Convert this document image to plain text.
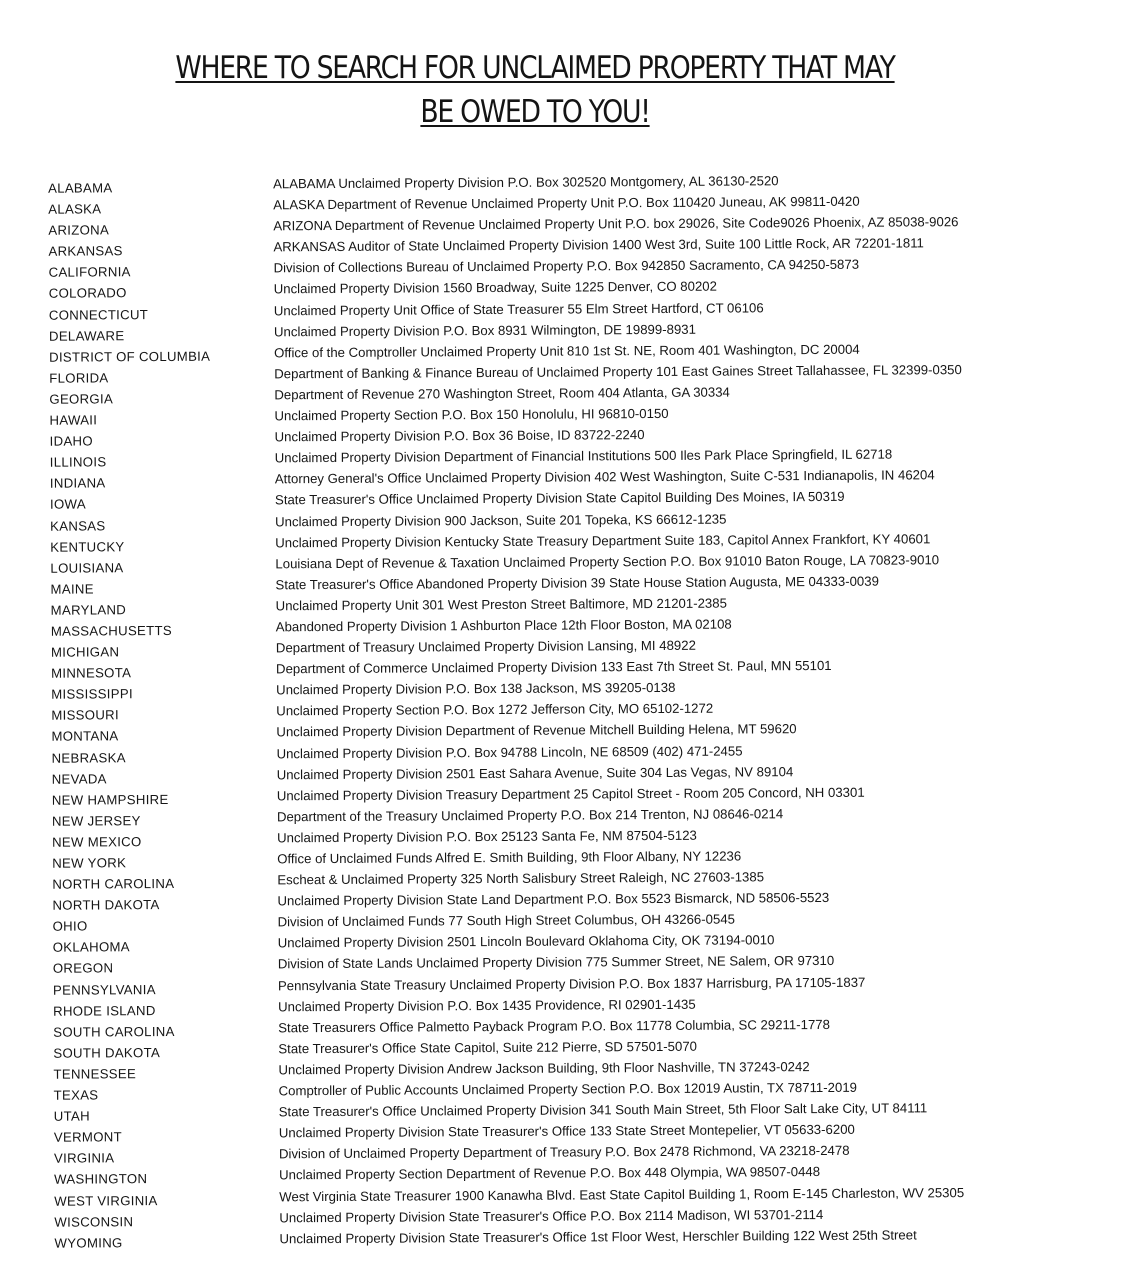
WHERE TO SEARCH FOR UNCLAIMED PROPERTY THAT MAY
BE OWED TO YOU!
ALABAMA	ALABAMA Unclaimed Property Division P.O. Box 302520 Montgomery, AL 36130-2520
ALASKA	ALASKA Department of Revenue Unclaimed Property Unit P.O. Box 110420 Juneau, AK 99811-0420
ARIZONA	ARIZONA Department of Revenue Unclaimed Property Unit P.O. box 29026, Site Code9026 Phoenix, AZ 85038-9026
ARKANSAS	ARKANSAS Auditor of State Unclaimed Property Division 1400 West 3rd, Suite 100 Little Rock, AR 72201-1811
CALIFORNIA	Division of Collections Bureau of Unclaimed Property P.O. Box 942850 Sacramento, CA 94250-5873
COLORADO	Unclaimed Property Division 1560 Broadway, Suite 1225 Denver, CO 80202
CONNECTICUT	Unclaimed Property Unit Office of State Treasurer 55 Elm Street Hartford, CT 06106
DELAWARE	Unclaimed Property Division P.O. Box 8931 Wilmington, DE 19899-8931
DISTRICT OF COLUMBIA	Office of the Comptroller Unclaimed Property Unit 810 1st St. NE, Room 401 Washington, DC 20004
FLORIDA	Department of Banking & Finance Bureau of Unclaimed Property 101 East Gaines Street Tallahassee, FL 32399-0350
GEORGIA	Department of Revenue 270 Washington Street, Room 404 Atlanta, GA 30334
HAWAII	Unclaimed Property Section P.O. Box 150 Honolulu, HI 96810-0150
IDAHO	Unclaimed Property Division P.O. Box 36 Boise, ID 83722-2240
ILLINOIS	Unclaimed Property Division Department of Financial Institutions 500 Iles Park Place Springfield, IL 62718
INDIANA	Attorney General's Office Unclaimed Property Division 402 West Washington, Suite C-531 Indianapolis, IN 46204
IOWA	State Treasurer's Office Unclaimed Property Division State Capitol Building Des Moines, IA 50319
KANSAS	Unclaimed Property Division 900 Jackson, Suite 201 Topeka, KS 66612-1235
KENTUCKY	Unclaimed Property Division Kentucky State Treasury Department Suite 183, Capitol Annex Frankfort, KY 40601
LOUISIANA	Louisiana Dept of Revenue & Taxation Unclaimed Property Section P.O. Box 91010 Baton Rouge, LA 70823-9010
MAINE	State Treasurer's Office Abandoned Property Division 39 State House Station Augusta, ME 04333-0039
MARYLAND	Unclaimed Property Unit 301 West Preston Street Baltimore, MD 21201-2385
MASSACHUSETTS	Abandoned Property Division 1 Ashburton Place 12th Floor Boston, MA 02108
MICHIGAN	Department of Treasury Unclaimed Property Division Lansing, MI 48922
MINNESOTA	Department of Commerce Unclaimed Property Division 133 East 7th Street St. Paul, MN 55101
MISSISSIPPI	Unclaimed Property Division P.O. Box 138 Jackson, MS 39205-0138
MISSOURI	Unclaimed Property Section P.O. Box 1272 Jefferson City, MO 65102-1272
MONTANA	Unclaimed Property Division Department of Revenue Mitchell Building Helena, MT 59620
NEBRASKA	Unclaimed Property Division P.O. Box 94788 Lincoln, NE 68509 (402) 471-2455
NEVADA	Unclaimed Property Division 2501 East Sahara Avenue, Suite 304 Las Vegas, NV 89104
NEW HAMPSHIRE	Unclaimed Property Division Treasury Department 25 Capitol Street - Room 205 Concord, NH 03301
NEW JERSEY	Department of the Treasury Unclaimed Property P.O. Box 214 Trenton, NJ 08646-0214
NEW MEXICO	Unclaimed Property Division P.O. Box 25123 Santa Fe, NM 87504-5123
NEW YORK	Office of Unclaimed Funds Alfred E. Smith Building, 9th Floor Albany, NY 12236
NORTH CAROLINA	Escheat & Unclaimed Property 325 North Salisbury Street Raleigh, NC 27603-1385
NORTH DAKOTA	Unclaimed Property Division State Land Department P.O. Box 5523 Bismarck, ND 58506-5523
OHIO	Division of Unclaimed Funds 77 South High Street Columbus, OH 43266-0545
OKLAHOMA	Unclaimed Property Division 2501 Lincoln Boulevard Oklahoma City, OK 73194-0010
OREGON	Division of State Lands Unclaimed Property Division 775 Summer Street, NE Salem, OR 97310
PENNSYLVANIA	Pennsylvania State Treasury Unclaimed Property Division P.O. Box 1837 Harrisburg, PA 17105-1837
RHODE ISLAND	Unclaimed Property Division P.O. Box 1435 Providence, RI 02901-1435
SOUTH CAROLINA	State Treasurers Office Palmetto Payback Program P.O. Box 11778 Columbia, SC 29211-1778
SOUTH DAKOTA	State Treasurer's Office State Capitol, Suite 212 Pierre, SD 57501-5070
TENNESSEE	Unclaimed Property Division Andrew Jackson Building, 9th Floor Nashville, TN 37243-0242
TEXAS	Comptroller of Public Accounts Unclaimed Property Section P.O. Box 12019 Austin, TX 78711-2019
UTAH	State Treasurer's Office Unclaimed Property Division 341 South Main Street, 5th Floor Salt Lake City, UT 84111
VERMONT	Unclaimed Property Division State Treasurer's Office 133 State Street Montepelier, VT 05633-6200
VIRGINIA	Division of Unclaimed Property Department of Treasury P.O. Box 2478 Richmond, VA 23218-2478
WASHINGTON	Unclaimed Property Section Department of Revenue P.O. Box 448 Olympia, WA 98507-0448
WEST VIRGINIA	West Virginia State Treasurer 1900 Kanawha Blvd. East State Capitol Building 1, Room E-145 Charleston, WV 25305
WISCONSIN	Unclaimed Property Division State Treasurer's Office P.O. Box 2114 Madison, WI 53701-2114
WYOMING	Unclaimed Property Division State Treasurer's Office 1st Floor West, Herschler Building 122 West 25th Street
